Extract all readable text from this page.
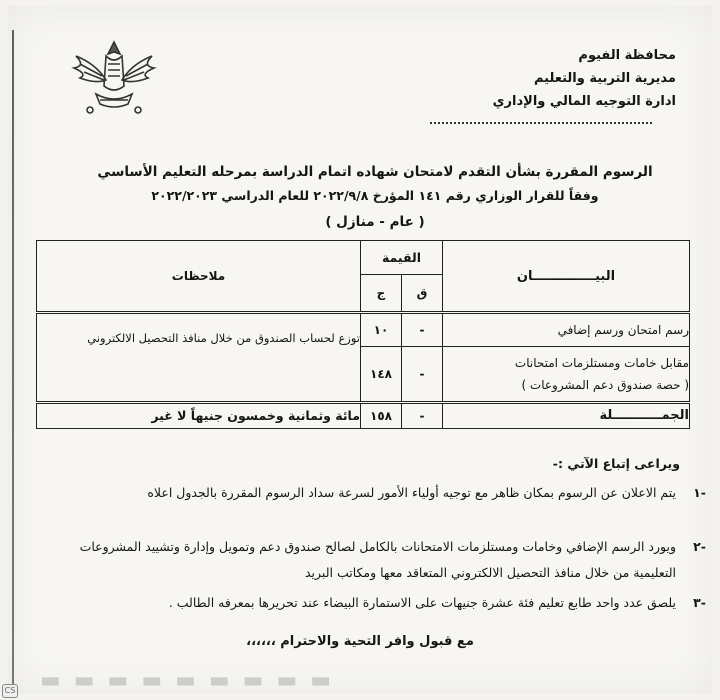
محافظة الفيوم
مديرية التربية والتعليم
ادارة التوجيه المالي والإداري
الرسوم المقررة بشأن التقدم لامتحان شهاده اتمام الدراسة بمرحله التعليم الأساسي
وفقاً للقرار الوزاري رقم ١٤١ المؤرخ ٢٠٢٢/٩/٨ للعام الدراسي ٢٠٢٢/٢٠٢٣
( عام - منازل )
البيــــــــــــــان	القيمة		ملاحظات
	ق	ج	
رسم امتحان ورسم إضافي	-	١٠	توزع لحساب الصندوق من خلال منافذ التحصيل الالكتروني

مقابل خامات ومستلزمات امتحانات
( حصة صندوق دعم المشروعات )	-	١٤٨	
الجمـــــــــــلة	-	١٥٨	مائة وثمانية وخمسون جنيهاً لا غير
ويراعى إتباع الآتي :-
-١
يتم الاعلان عن الرسوم بمكان ظاهر مع توجيه أولياء الأمور لسرعة سداد الرسوم المقررة بالجدول اعلاه
-٢
ويورد الرسم الإضافي وخامات ومستلزمات الامتحانات بالكامل لصالح صندوق دعم وتمويل وإدارة وتشييد المشروعات التعليمية من خلال منافذ التحصيل الالكتروني المتعاقد معها ومكاتب البريد
-٣
يلصق عدد واحد طابع تعليم فئة عشرة جنيهات على الاستمارة البيضاء عند تحريرها بمعرفه الطالب .
مع قبول وافر التحية والاحترام ،،،،،،
▬ ▬ ▬ ▬ ▬ ▬ ▬ ▬ ▬
CS
